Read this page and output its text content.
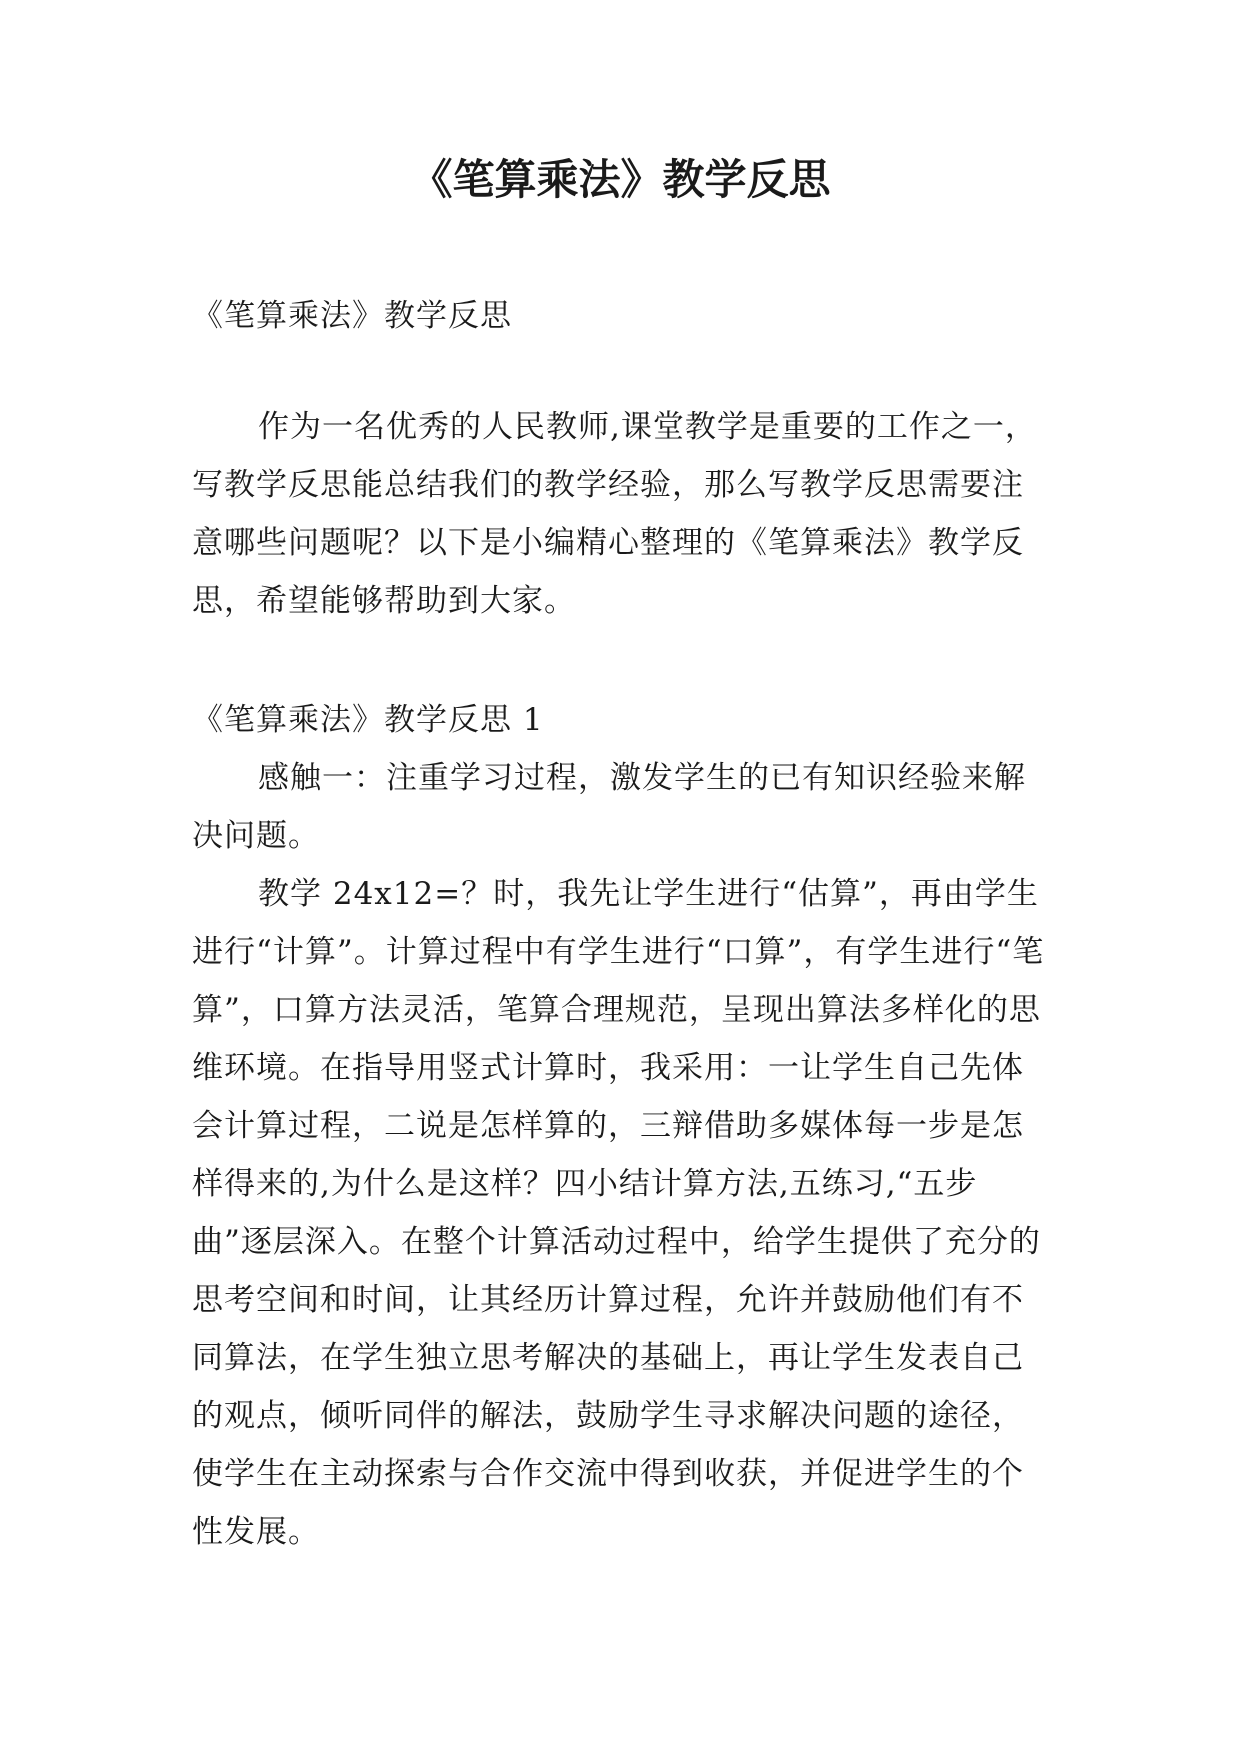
《笔算乘法》教学反思

《笔算乘法》教学反思

作为一名优秀的人民教师,课堂教学是重要的工作之一，写教学反思能总结我们的教学经验，那么写教学反思需要注意哪些问题呢？以下是小编精心整理的《笔算乘法》教学反思，希望能够帮助到大家。

《笔算乘法》教学反思 1

感触一：注重学习过程，激发学生的已有知识经验来解决问题。

教学 24x12=？时，我先让学生进行“估算”，再由学生进行“计算”。计算过程中有学生进行“口算”，有学生进行“笔算”，口算方法灵活，笔算合理规范，呈现出算法多样化的思维环境。在指导用竖式计算时，我采用：一让学生自己先体会计算过程，二说是怎样算的，三辩借助多媒体每一步是怎样得来的,为什么是这样？四小结计算方法,五练习,“五步曲”逐层深入。在整个计算活动过程中，给学生提供了充分的思考空间和时间，让其经历计算过程，允许并鼓励他们有不同算法，在学生独立思考解决的基础上，再让学生发表自己的观点，倾听同伴的解法，鼓励学生寻求解决问题的途径，使学生在主动探索与合作交流中得到收获，并促进学生的个性发展。
